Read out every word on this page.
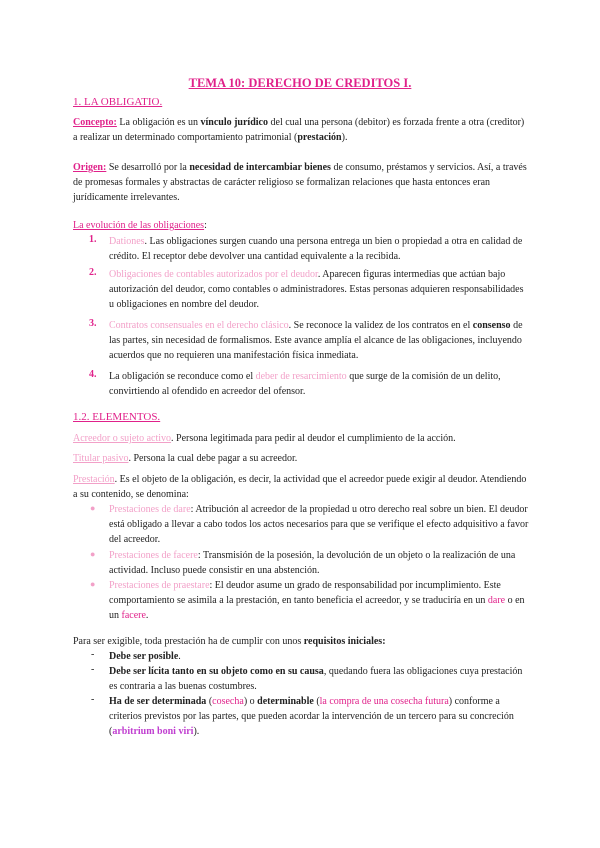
TEMA 10: DERECHO DE CREDITOS I.
1. LA OBLIGATIO.
Concepto: La obligación es un vínculo jurídico del cual una persona (debitor) es forzada frente a otra (creditor) a realizar un determinado comportamiento patrimonial (prestación).
Origen: Se desarrolló por la necesidad de intercambiar bienes de consumo, préstamos y servicios. Así, a través de promesas formales y abstractas de carácter religioso se formalizan relaciones que hasta entonces eran jurídicamente irrelevantes.
La evolución de las obligaciones:
1. Dationes. Las obligaciones surgen cuando una persona entrega un bien o propiedad a otra en calidad de crédito. El receptor debe devolver una cantidad equivalente a la recibida.
2. Obligaciones de contables autorizados por el deudor. Aparecen figuras intermedias que actúan bajo autorización del deudor, como contables o administradores. Estas personas adquieren responsabilidades u obligaciones en nombre del deudor.
3. Contratos consensuales en el derecho clásico. Se reconoce la validez de los contratos en el consenso de las partes, sin necesidad de formalismos. Este avance amplía el alcance de las obligaciones, incluyendo acuerdos que no requieren una manifestación física inmediata.
4. La obligación se reconduce como el deber de resarcimiento que surge de la comisión de un delito, convirtiendo al ofendido en acreedor del ofensor.
1.2. ELEMENTOS.
Acreedor o sujeto activo. Persona legitimada para pedir al deudor el cumplimiento de la acción.
Titular pasivo. Persona la cual debe pagar a su acreedor.
Prestación. Es el objeto de la obligación, es decir, la actividad que el acreedor puede exigir al deudor. Atendiendo a su contenido, se denomina:
● Prestaciones de dare: Atribución al acreedor de la propiedad u otro derecho real sobre un bien. El deudor está obligado a llevar a cabo todos los actos necesarios para que se verifique el efecto adquisitivo a favor del acreedor.
● Prestaciones de facere: Transmisión de la posesión, la devolución de un objeto o la realización de una actividad. Incluso puede consistir en una abstención.
● Prestaciones de praestare: El deudor asume un grado de responsabilidad por incumplimiento. Este comportamiento se asimila a la prestación, en tanto beneficia el acreedor, y se traduciría en un dare o en un facere.
Para ser exigible, toda prestación ha de cumplir con unos requisitos iniciales:
- Debe ser posible.
- Debe ser lícita tanto en su objeto como en su causa, quedando fuera las obligaciones cuya prestación es contraria a las buenas costumbres.
- Ha de ser determinada (cosecha) o determinable (la compra de una cosecha futura) conforme a criterios previstos por las partes, que pueden acordar la intervención de un tercero para su concreción (arbitrium boni viri).
